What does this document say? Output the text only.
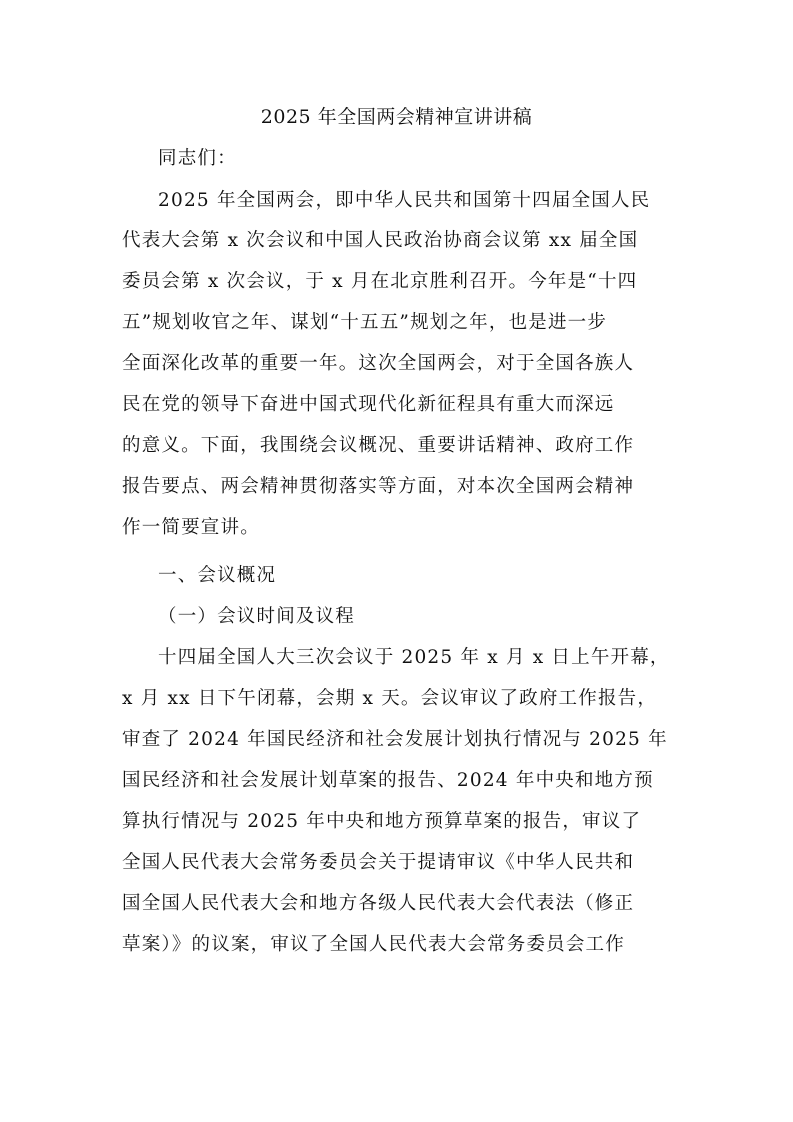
2025 年全国两会精神宣讲讲稿

同志们：

2025 年全国两会，即中华人民共和国第十四届全国人民

代表大会第 x 次会议和中国人民政治协商会议第 xx 届全国

委员会第 x 次会议，于 x 月在北京胜利召开。今年是“十四

五”规划收官之年、谋划“十五五”规划之年，也是进一步

全面深化改革的重要一年。这次全国两会，对于全国各族人

民在党的领导下奋进中国式现代化新征程具有重大而深远

的意义。下面，我围绕会议概况、重要讲话精神、政府工作

报告要点、两会精神贯彻落实等方面，对本次全国两会精神

作一简要宣讲。

一、会议概况

（一）会议时间及议程

十四届全国人大三次会议于 2025 年 x 月 x 日上午开幕，

x 月 xx 日下午闭幕，会期 x 天。会议审议了政府工作报告，

审查了 2024 年国民经济和社会发展计划执行情况与 2025 年

国民经济和社会发展计划草案的报告、2024 年中央和地方预

算执行情况与 2025 年中央和地方预算草案的报告，审议了

全国人民代表大会常务委员会关于提请审议《中华人民共和

国全国人民代表大会和地方各级人民代表大会代表法（修正

草案）》的议案，审议了全国人民代表大会常务委员会工作
